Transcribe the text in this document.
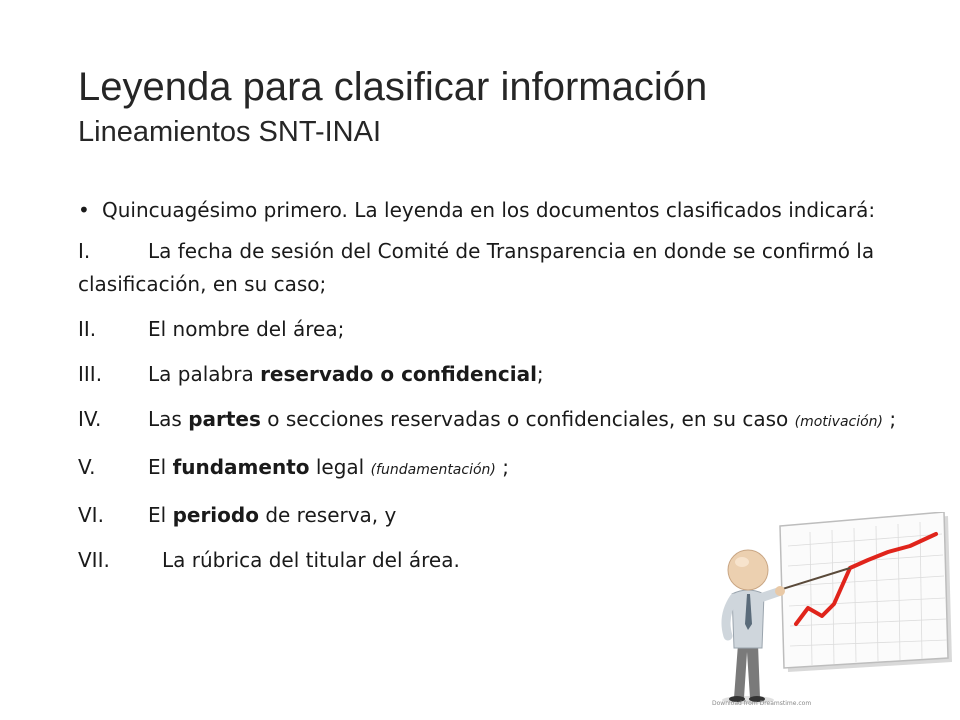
Leyenda para clasificar información
Lineamientos SNT-INAI
• Quincuagésimo primero. La leyenda en los documentos clasificados indicará:
I.	La fecha de sesión del Comité de Transparencia en donde se confirmó la clasificación, en su caso;
II.	El nombre del área;
III. La palabra reservado o confidencial;
IV. Las partes o secciones reservadas o confidenciales, en su caso (motivación) ;
V.	El fundamento legal (fundamentación) ;
VI. El periodo de reserva, y
VII.	La rúbrica del titular del área.
Download from Dreamstime.com
